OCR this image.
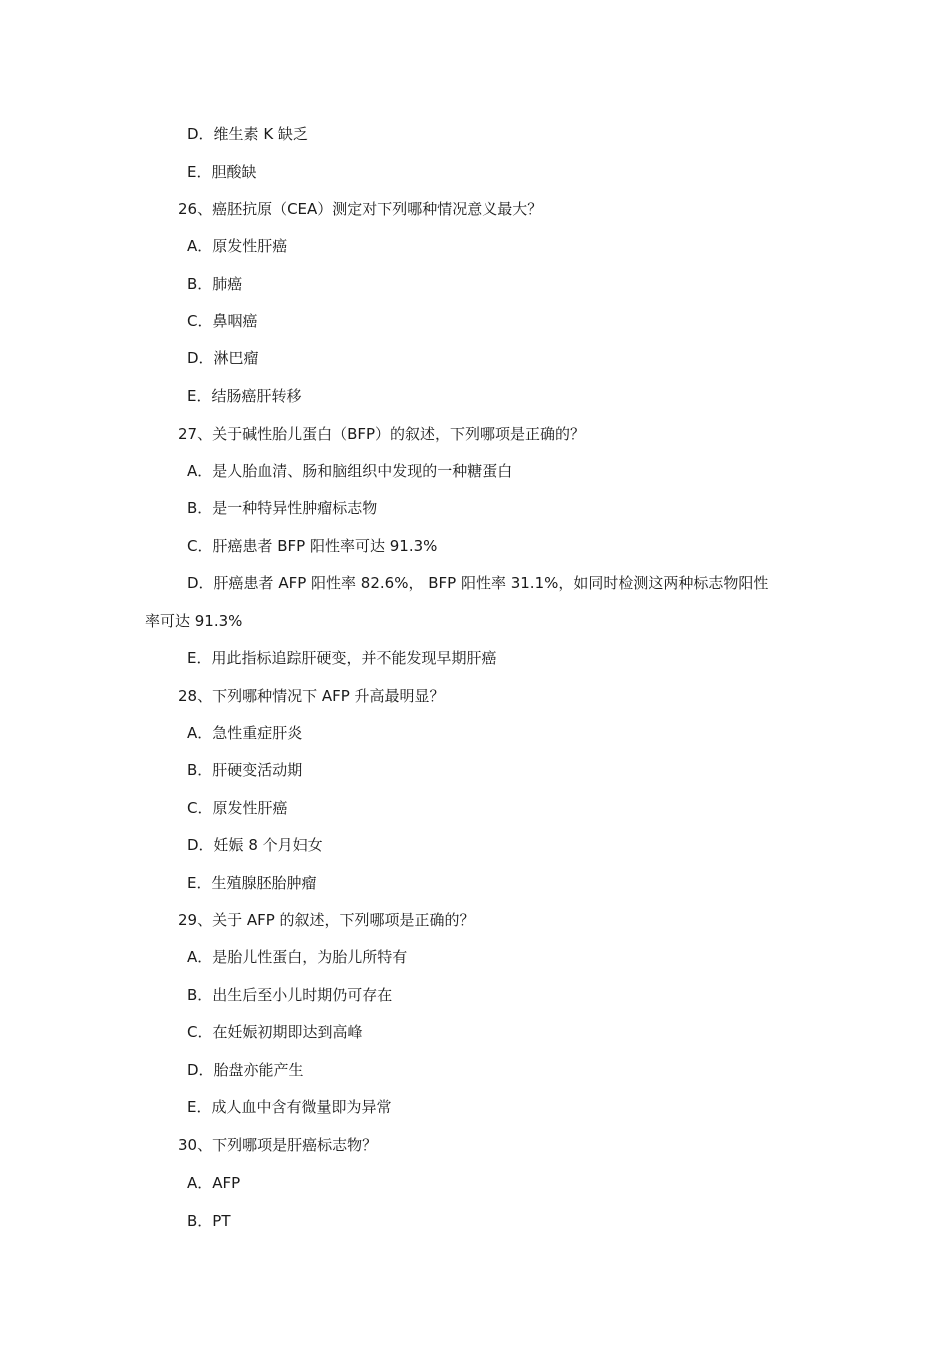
D．维生素 K 缺乏
E．胆酸缺
26、癌胚抗原（CEA）测定对下列哪种情况意义最大？
A．原发性肝癌
B．肺癌
C．鼻咽癌
D．淋巴瘤
E．结肠癌肝转移
27、关于碱性胎儿蛋白（BFP）的叙述，下列哪项是正确的？
A．是人胎血清、肠和脑组织中发现的一种糖蛋白
B．是一种特异性肿瘤标志物
C．肝癌患者 BFP 阳性率可达 91.3%
D．肝癌患者 AFP 阳性率 82.6%， BFP 阳性率 31.1%，如同时检测这两种标志物阳性
率可达 91.3%
E．用此指标追踪肝硬变，并不能发现早期肝癌
28、下列哪种情况下 AFP 升高最明显？
A．急性重症肝炎
B．肝硬变活动期
C．原发性肝癌
D．妊娠 8 个月妇女
E．生殖腺胚胎肿瘤
29、关于 AFP 的叙述，下列哪项是正确的？
A．是胎儿性蛋白，为胎儿所特有
B．出生后至小儿时期仍可存在
C．在妊娠初期即达到高峰
D．胎盘亦能产生
E．成人血中含有微量即为异常
30、下列哪项是肝癌标志物？
A．AFP
B．PT
